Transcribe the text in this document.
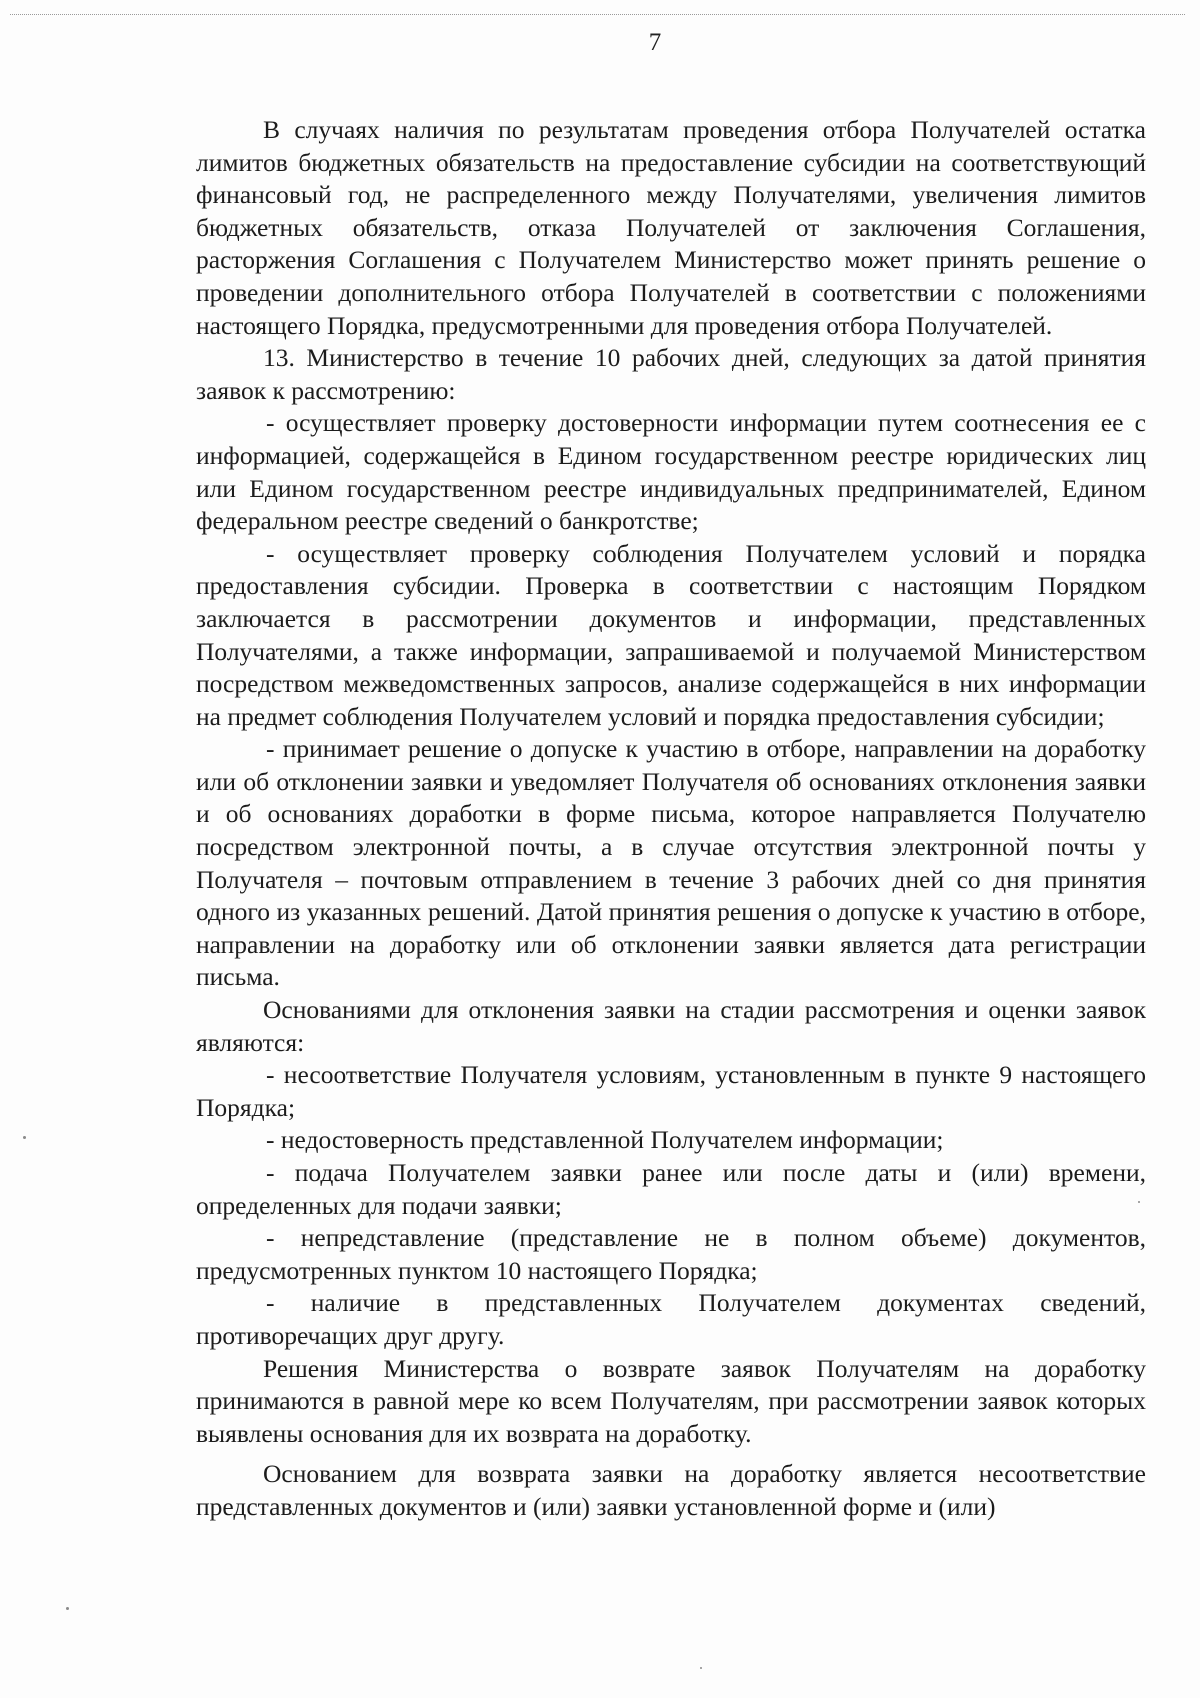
7

В случаях наличия по результатам проведения отбора Получателей остатка лимитов бюджетных обязательств на предоставление субсидии на соответствующий финансовый год, не распределенного между Получателями, увеличения лимитов бюджетных обязательств, отказа Получателей от заключения Соглашения, расторжения Соглашения с Получателем Министерство может принять решение о проведении дополнительного отбора Получателей в соответствии с положениями настоящего Порядка, предусмотренными для проведения отбора Получателей.

13. Министерство в течение 10 рабочих дней, следующих за датой принятия заявок к рассмотрению:

- осуществляет проверку достоверности информации путем соотнесения ее с информацией, содержащейся в Едином государственном реестре юридических лиц или Едином государственном реестре индивидуальных предпринимателей, Едином федеральном реестре сведений о банкротстве;

- осуществляет проверку соблюдения Получателем условий и порядка предоставления субсидии. Проверка в соответствии с настоящим Порядком заключается в рассмотрении документов и информации, представленных Получателями, а также информации, запрашиваемой и получаемой Министерством посредством межведомственных запросов, анализе содержащейся в них информации на предмет соблюдения Получателем условий и порядка предоставления субсидии;

- принимает решение о допуске к участию в отборе, направлении на доработку или об отклонении заявки и уведомляет Получателя об основаниях отклонения заявки и об основаниях доработки в форме письма, которое направляется Получателю посредством электронной почты, а в случае отсутствия электронной почты у Получателя – почтовым отправлением в течение 3 рабочих дней со дня принятия одного из указанных решений. Датой принятия решения о допуске к участию в отборе, направлении на доработку или об отклонении заявки является дата регистрации письма.

Основаниями для отклонения заявки на стадии рассмотрения и оценки заявок являются:

- несоответствие Получателя условиям, установленным в пункте 9 настоящего Порядка;

- недостоверность представленной Получателем информации;

- подача Получателем заявки ранее или после даты и (или) времени, определенных для подачи заявки;

- непредставление (представление не в полном объеме) документов, предусмотренных пунктом 10 настоящего Порядка;

- наличие в представленных Получателем документах сведений, противоречащих друг другу.

Решения Министерства о возврате заявок Получателям на доработку принимаются в равной мере ко всем Получателям, при рассмотрении заявок которых выявлены основания для их возврата на доработку.

Основанием для возврата заявки на доработку является несоответствие представленных документов и (или) заявки установленной форме и (или)
